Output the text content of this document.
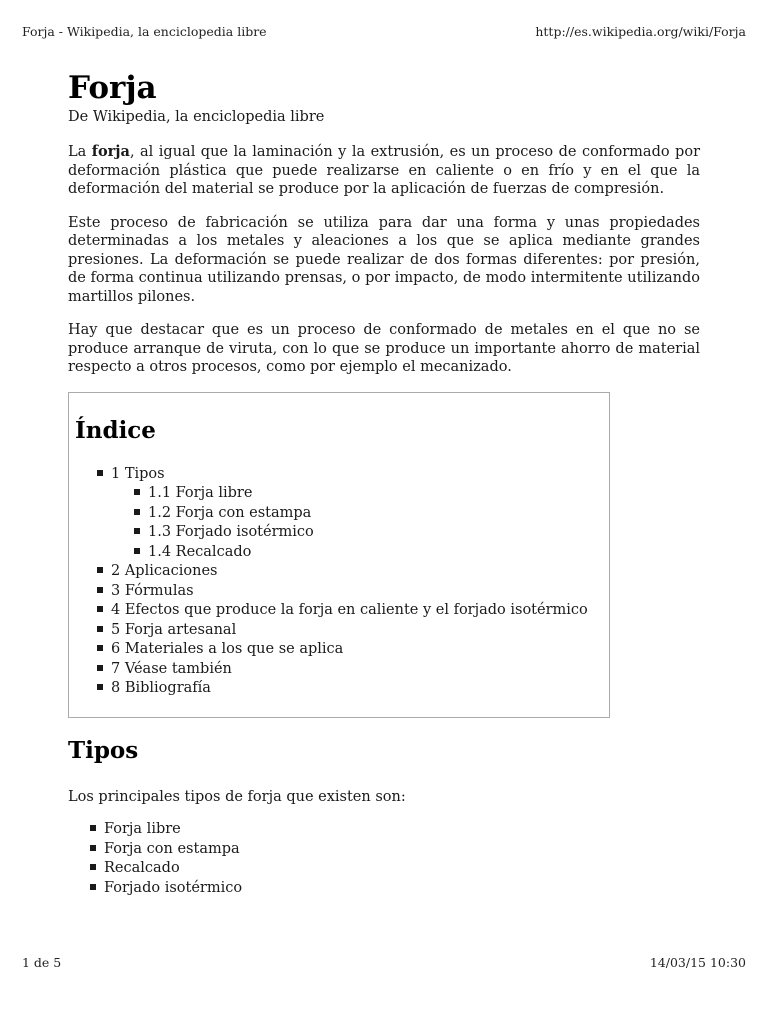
Forja - Wikipedia, la enciclopedia libre	http://es.wikipedia.org/wiki/Forja
Forja
De Wikipedia, la enciclopedia libre

La forja, al igual que la laminación y la extrusión, es un proceso de conformado por deformación plástica que puede realizarse en caliente o en frío y en el que la deformación del material se produce por la aplicación de fuerzas de compresión.

Este proceso de fabricación se utiliza para dar una forma y unas propiedades determinadas a los metales y aleaciones a los que se aplica mediante grandes presiones. La deformación se puede realizar de dos formas diferentes: por presión, de forma continua utilizando prensas, o por impacto, de modo intermitente utilizando martillos pilones.

Hay que destacar que es un proceso de conformado de metales en el que no se produce arranque de viruta, con lo que se produce un importante ahorro de material respecto a otros procesos, como por ejemplo el mecanizado.

Índice
1 Tipos
1.1 Forja libre
1.2 Forja con estampa
1.3 Forjado isotérmico
1.4 Recalcado
2 Aplicaciones
3 Fórmulas
4 Efectos que produce la forja en caliente y el forjado isotérmico
5 Forja artesanal
6 Materiales a los que se aplica
7 Véase también
8 Bibliografía
Tipos

Los principales tipos de forja que existen son:

Forja libre
Forja con estampa
Recalcado
Forjado isotérmico
1 de 5	14/03/15 10:30
